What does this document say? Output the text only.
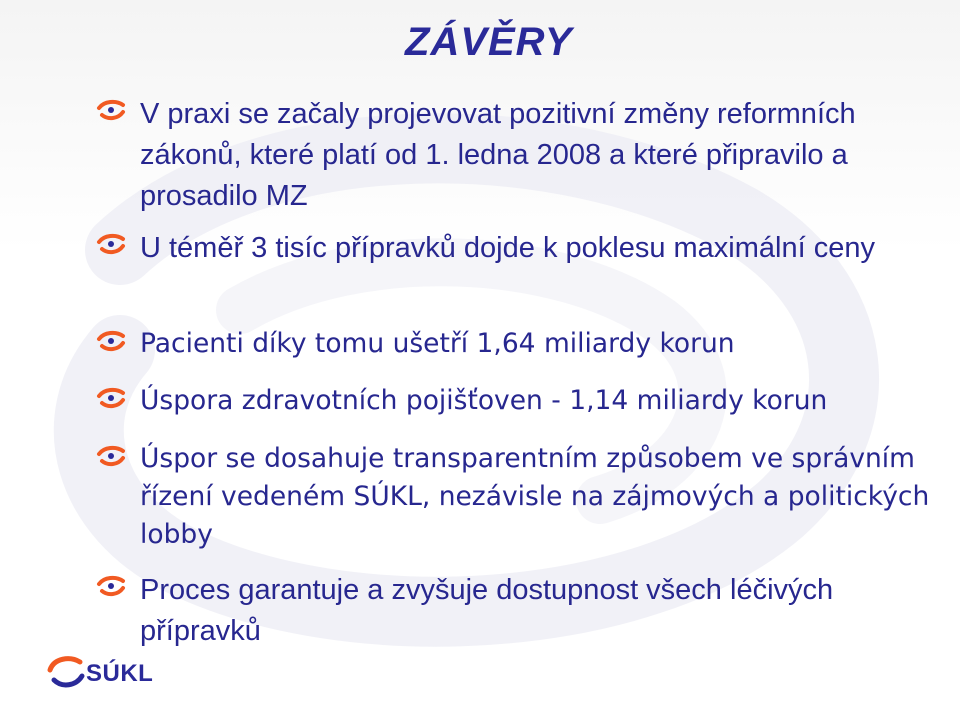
ZÁVĚRY
V praxi se začaly projevovat pozitivní změny reformních zákonů, které platí od 1. ledna 2008 a které připravilo a prosadilo MZ
U téměř 3 tisíc přípravků dojde k poklesu maximální ceny
Pacienti díky tomu ušetří 1,64 miliardy korun
Úspora zdravotních pojišťoven - 1,14 miliardy korun
Úspor se dosahuje transparentním způsobem ve správním řízení vedeném SÚKL, nezávisle na zájmových a politických lobby
Proces garantuje a zvyšuje dostupnost všech léčivých přípravků
SÚKL
